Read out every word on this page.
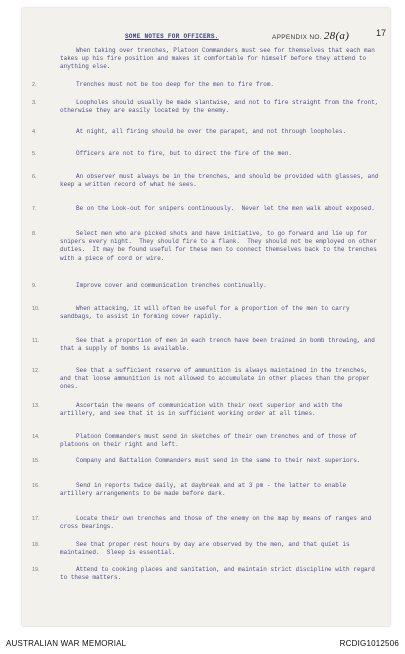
SOME NOTES FOR OFFICERS.	APPENDIX NO. 28(a)	17
When taking over trenches, Platoon Commanders must see for themselves that each man takes up his fire position and makes it comfortable for himself before they attend to anything else.
2.	Trenches must not be too deep for the men to fire from.
3.	Loopholes should usually be made slantwise, and not to fire straight from the front, otherwise they are easily located by the enemy.
4.	At night, all firing should be over the parapet, and not through loopholes.
5.	Officers are not to fire, but to direct the fire of the men.
6.	An observer must always be in the trenches, and should be provided with glasses, and keep a written record of what he sees.
7.	Be on the Look-out for snipers continuously.  Never let the men walk about exposed.
8.	Select men who are picked shots and have initiative, to go forward and lie up for snipers every night.  They should fire to a flank.  They should not be employed on other duties.  It may be found useful for these men to connect themselves back to the trenches with a piece of cord or wire.
9.	Improve cover and communication trenches continually.
10.	When attacking, it will often be useful for a proportion of the men to carry sandbags, to assist in forming cover rapidly.
11.	See that a proportion of men in each trench have been trained in bomb throwing, and that a supply of bombs is available.
12.	See that a sufficient reserve of ammunition is always maintained in the trenches, and that loose ammunition is not allowed to accumulate in other places than the proper ones.
13.	Ascertain the means of communication with their next superior and with the artillery, and see that it is in sufficient working order at all times.
14.	Platoon Commanders must send in sketches of their own trenches and of those of platoons on their right and left.
15.	Company and Battalion Commanders must send in the same to their next superiors.
16.	Send in reports twice daily, at daybreak and at 3 pm - the latter to enable artillery arrangements to be made before dark.
17.	Locate their own trenches and those of the enemy on the map by means of ranges and cross bearings.
18.	See that proper rest hours by day are observed by the men, and that quiet is maintained.  Sleep is essential.
19.	Attend to cooking places and sanitation, and maintain strict discipline with regard to these matters.
AUSTRALIAN WAR MEMORIAL	RCDIG1012506
